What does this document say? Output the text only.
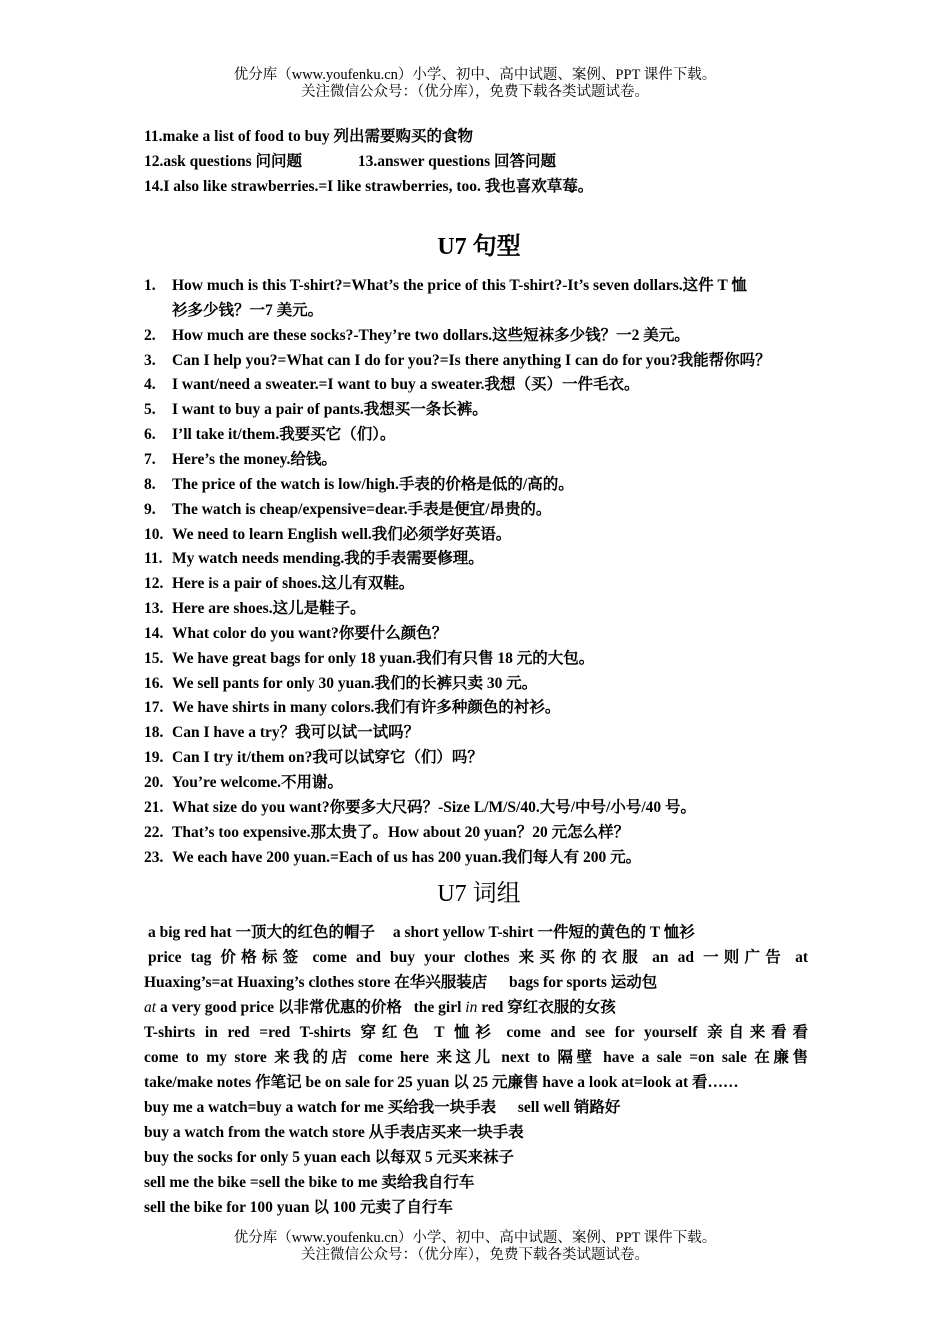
优分库（www.youfenku.cn）小学、初中、高中试题、案例、PPT 课件下载。
关注微信公众号：（优分库），免费下载各类试题试卷。
11.make a list of food to buy 列出需要购买的食物
12.ask questions 问问题	13.answer questions 回答问题
14.I also like strawberries.=I like strawberries, too. 我也喜欢草莓。
U7 句型
1.	How much is this T-shirt?=What’s the price of this T-shirt?-It’s seven dollars.这件 T 恤
衫多少钱？一7 美元。
2.	How much are these socks?-They’re two dollars.这些短袜多少钱？一2 美元。
3.	Can I help you?=What can I do for you?=Is there anything I can do for you?我能帮你吗？
4.	I want/need a sweater.=I want to buy a sweater.我想（买）一件毛衣。
5.	I want to buy a pair of pants.我想买一条长裤。
6.	I’ll take it/them.我要买它（们）。
7.	Here’s the money.给钱。
8.	The price of the watch is low/high.手表的价格是低的/高的。
9.	The watch is cheap/expensive=dear.手表是便宜/昂贵的。
10. We need to learn English well.我们必须学好英语。
11. My watch needs mending.我的手表需要修理。
12. Here is a pair of shoes.这儿有双鞋。
13. Here are shoes.这儿是鞋子。
14. What color do you want?你要什么颜色？
15. We have great bags for only 18 yuan.我们有只售 18 元的大包。
16. We sell pants for only 30 yuan.我们的长裤只卖 30 元。
17. We have shirts in many colors.我们有许多种颜色的衬衫。
18. Can I have a try？我可以试一试吗？
19. Can I try it/them on?我可以试穿它（们）吗？
20. You’re welcome.不用谢。
21. What size do you want?你要多大尺码？-Size L/M/S/40.大号/中号/小号/40 号。
22. That’s too expensive.那太贵了。How about 20 yuan？20 元怎么样？
23. We each have 200 yuan.=Each of us has 200 yuan.我们每人有 200 元。
U7 词组
a big red hat 一顶大的红色的帽子 a short yellow T-shirt 一件短的黄色的 T 恤衫
price tag 价格标签 come and buy your clothes 来买你的衣服 an ad 一则广告 at
Huaxing’s=at Huaxing’s clothes store 在华兴服装店 bags for sports 运动包
at a very good price 以非常优惠的价格 the girl in red 穿红衣服的女孩
T-shirts in red =red T-shirts 穿红色 T 恤衫 come and see for yourself 亲自来看看
come to my store 来我的店 come here 来这儿 next to 隔壁 have a sale =on sale 在廉售
take/make notes 作笔记 be on sale for 25 yuan 以 25 元廉售 have a look at=look at 看……
buy me a watch=buy a watch for me 买给我一块手表 sell well 销路好
buy a watch from the watch store 从手表店买来一块手表
buy the socks for only 5 yuan each 以每双 5 元买来袜子
sell me the bike =sell the bike to me 卖给我自行车
sell the bike for 100 yuan 以 100 元卖了自行车
优分库（www.youfenku.cn）小学、初中、高中试题、案例、PPT 课件下载。
关注微信公众号：（优分库），免费下载各类试题试卷。
